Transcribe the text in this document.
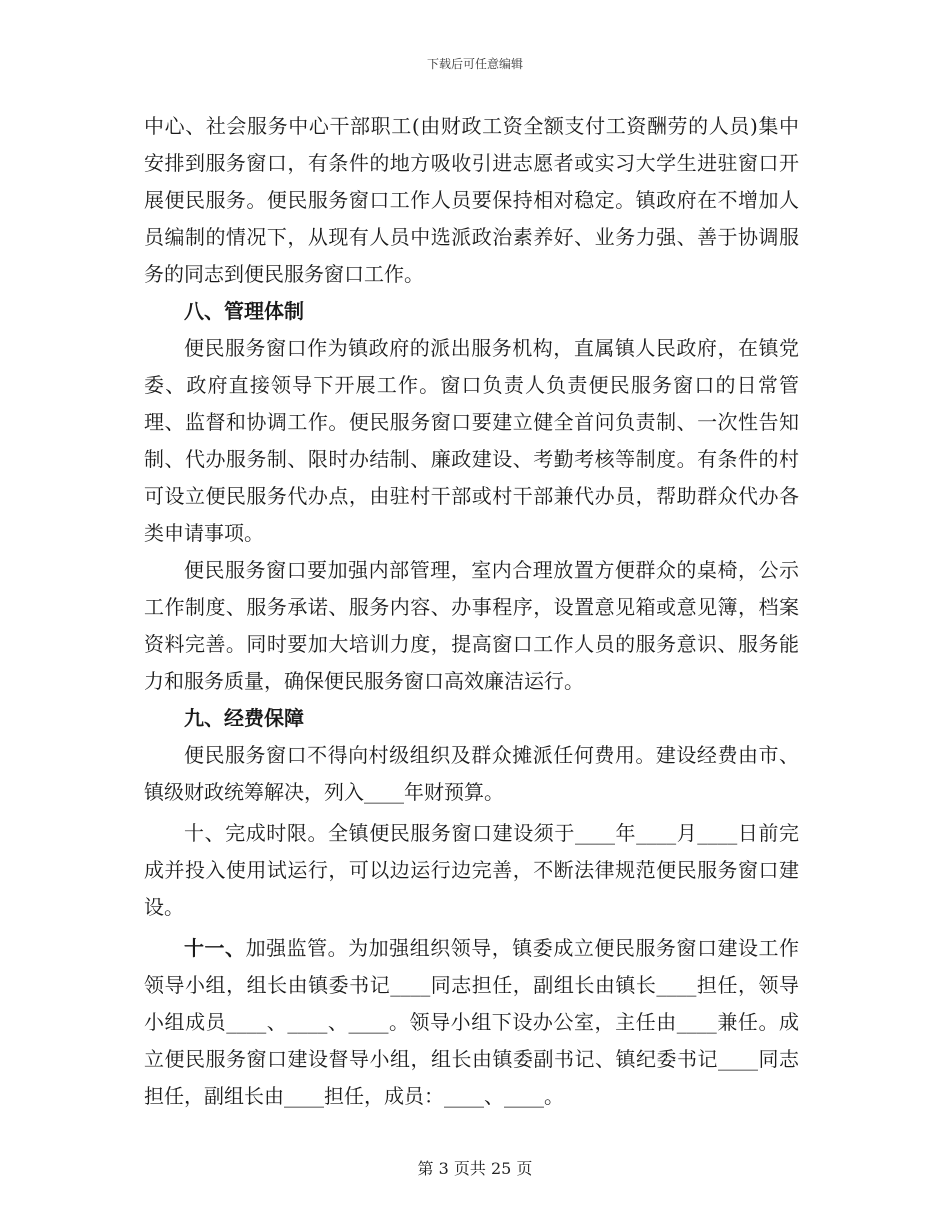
下载后可任意编辑

中心、社会服务中心干部职工(由财政工资全额支付工资酬劳的人员)集中安排到服务窗口，有条件的地方吸收引进志愿者或实习大学生进驻窗口开展便民服务。便民服务窗口工作人员要保持相对稳定。镇政府在不增加人员编制的情况下，从现有人员中选派政治素养好、业务力强、善于协调服务的同志到便民服务窗口工作。

八、管理体制

便民服务窗口作为镇政府的派出服务机构，直属镇人民政府，在镇党委、政府直接领导下开展工作。窗口负责人负责便民服务窗口的日常管理、监督和协调工作。便民服务窗口要建立健全首问负责制、一次性告知制、代办服务制、限时办结制、廉政建设、考勤考核等制度。有条件的村可设立便民服务代办点，由驻村干部或村干部兼代办员，帮助群众代办各类申请事项。

便民服务窗口要加强内部管理，室内合理放置方便群众的桌椅，公示工作制度、服务承诺、服务内容、办事程序，设置意见箱或意见簿，档案资料完善。同时要加大培训力度，提高窗口工作人员的服务意识、服务能力和服务质量，确保便民服务窗口高效廉洁运行。

九、经费保障

便民服务窗口不得向村级组织及群众摊派任何费用。建设经费由市、镇级财政统筹解决，列入____年财预算。

十、完成时限。全镇便民服务窗口建设须于____年____月____日前完成并投入使用试运行，可以边运行边完善，不断法律规范便民服务窗口建设。

十一、加强监管。为加强组织领导，镇委成立便民服务窗口建设工作领导小组，组长由镇委书记____同志担任，副组长由镇长____担任，领导小组成员____、____、____。领导小组下设办公室，主任由____兼任。成立便民服务窗口建设督导小组，组长由镇委副书记、镇纪委书记____同志担任，副组长由____担任，成员：____、____。

第 3 页共 25 页
